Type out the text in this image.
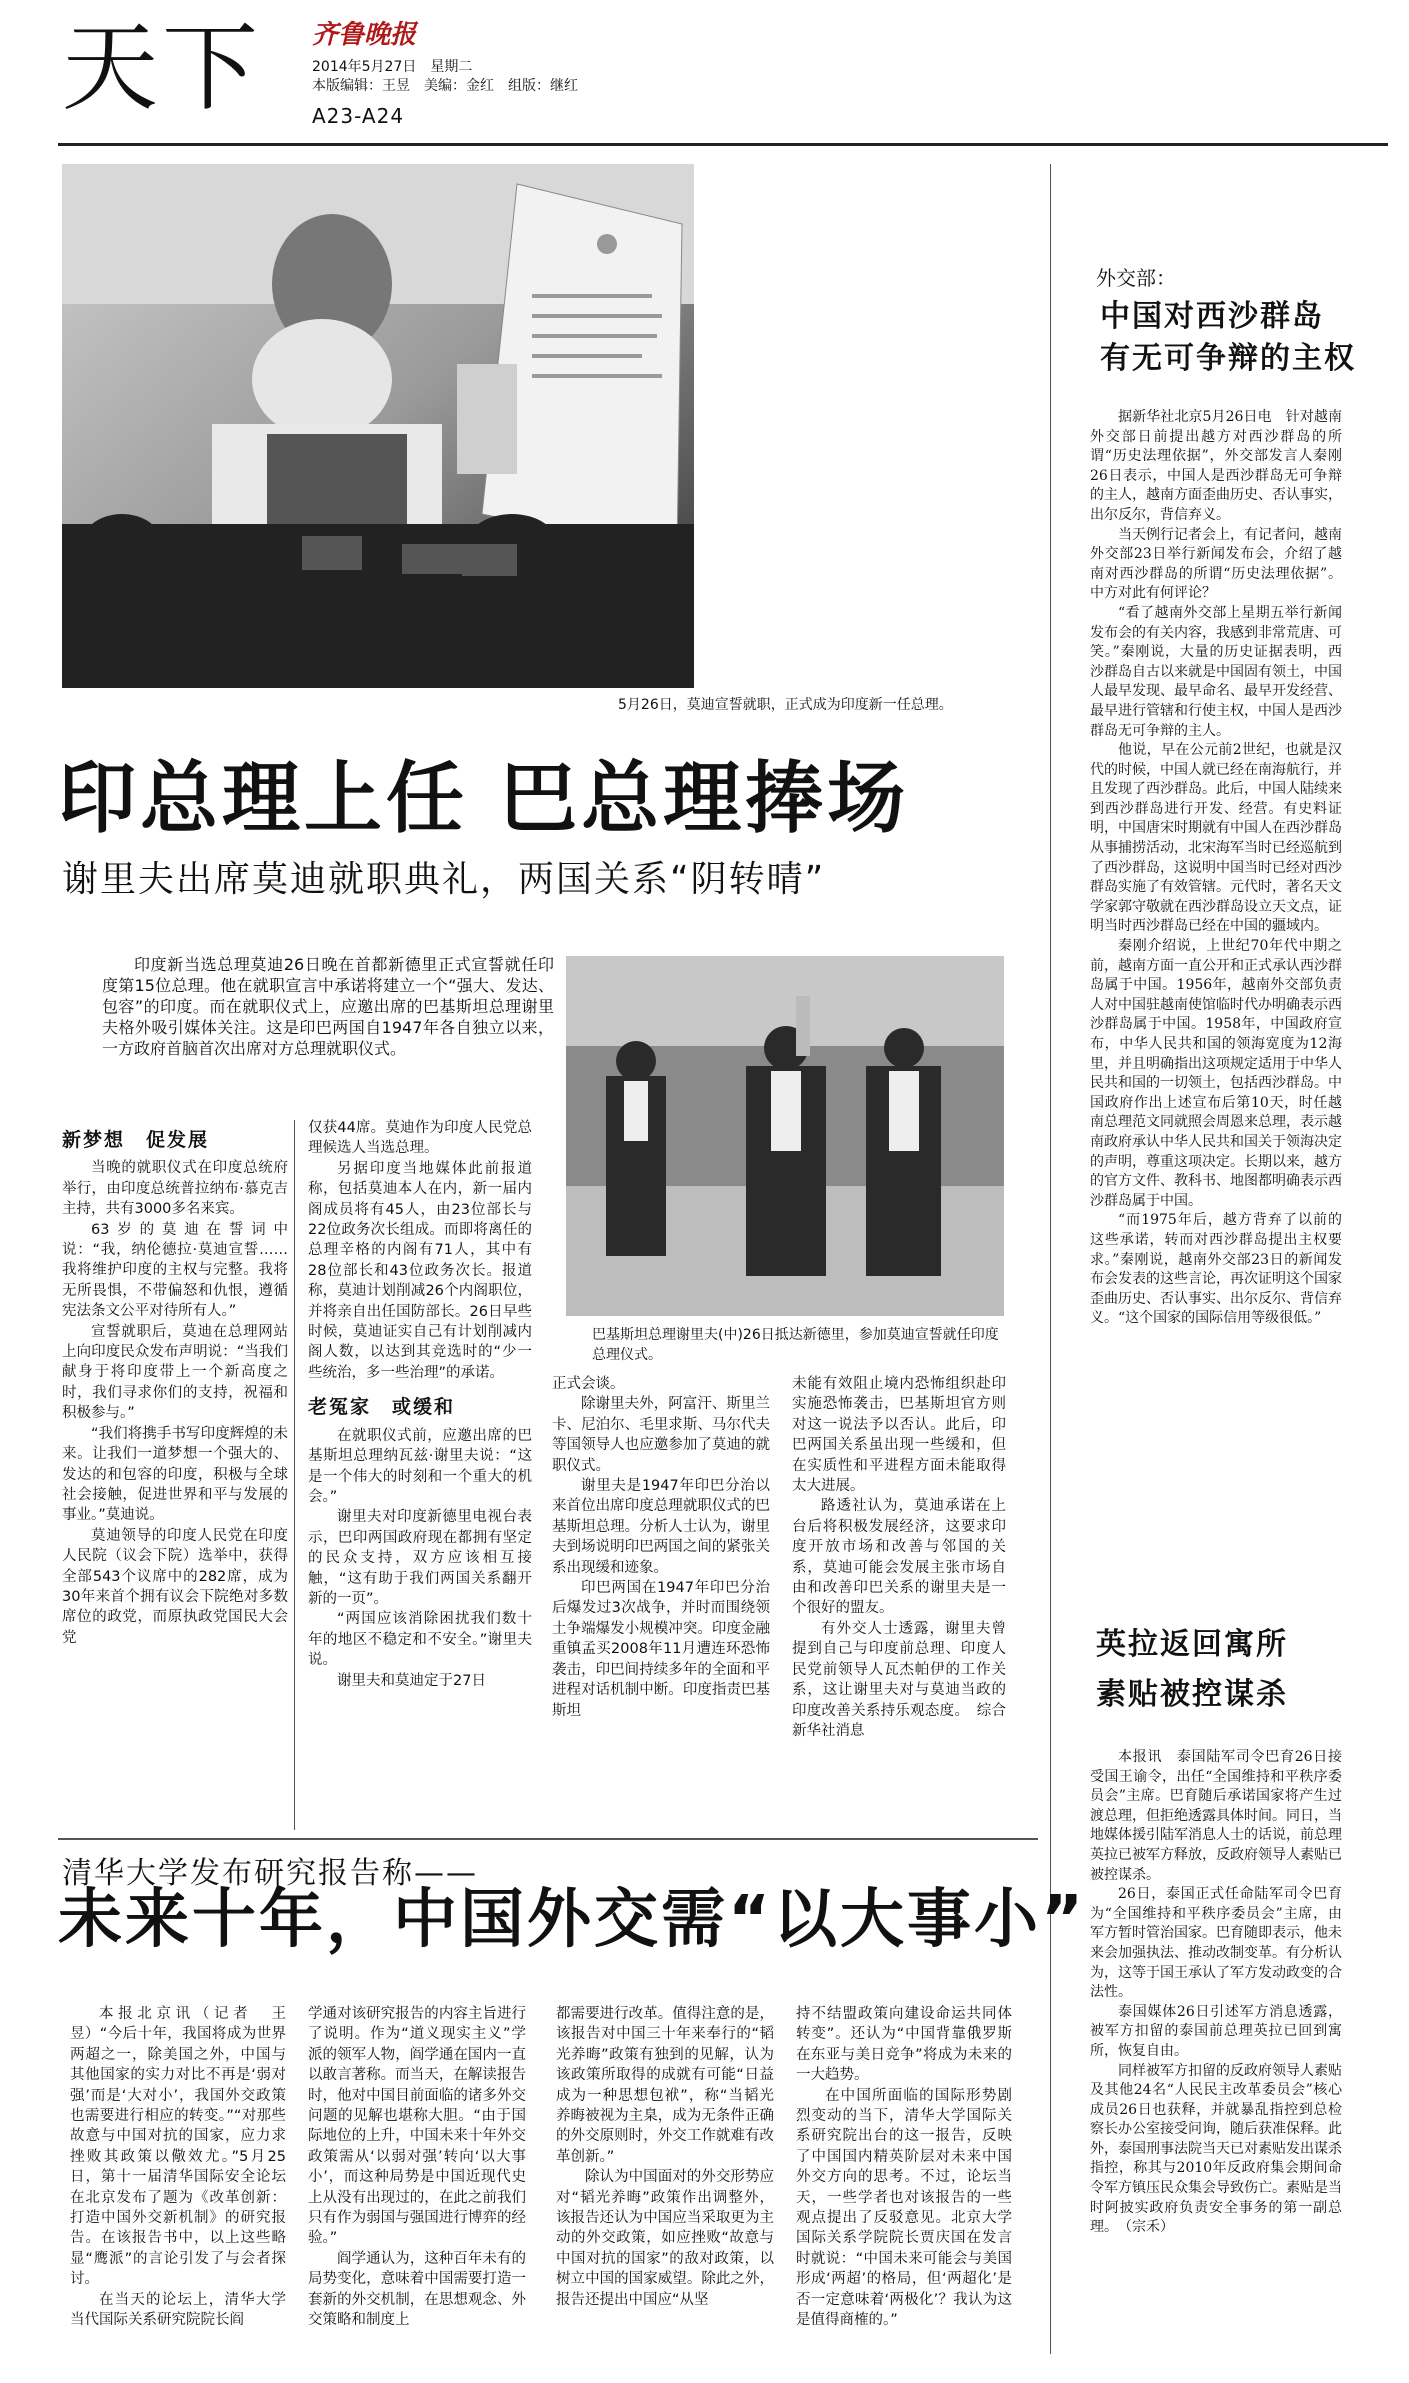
天下 齐鲁晚报
2014年5月27日　星期二
本版编辑：王昱　美编：金红　组版：继红
A23-A24
5月26日，莫迪宣誓就职，正式成为印度新一任总理。
印总理上任 巴总理捧场
谢里夫出席莫迪就职典礼，两国关系“阴转晴”

印度新当选总理莫迪26日晚在首都新德里正式宣誓就任印度第15位总理。他在就职宣言中承诺将建立一个“强大、发达、包容”的印度。而在就职仪式上，应邀出席的巴基斯坦总理谢里夫格外吸引媒体关注。这是印巴两国自1947年各自独立以来，一方政府首脑首次出席对方总理就职仪式。

巴基斯坦总理谢里夫(中)26日抵达新德里，参加莫迪宣誓就任印度总理仪式。
新梦想　促发展

当晚的就职仪式在印度总统府举行，由印度总统普拉纳布·慕克吉主持，共有3000多名来宾。

63岁的莫迪在誓词中说：“我，纳伦德拉·莫迪宣誓……我将维护印度的主权与完整。我将无所畏惧，不带偏怒和仇恨，遵循宪法条文公平对待所有人。”

宣誓就职后，莫迪在总理网站上向印度民众发布声明说：“当我们献身于将印度带上一个新高度之时，我们寻求你们的支持，祝福和积极参与。”

“我们将携手书写印度辉煌的未来。让我们一道梦想一个强大的、发达的和包容的印度，积极与全球社会接触，促进世界和平与发展的事业。”莫迪说。

莫迪领导的印度人民党在印度人民院（议会下院）选举中，获得全部543个议席中的282席，成为30年来首个拥有议会下院绝对多数席位的政党，而原执政党国民大会党

仅获44席。莫迪作为印度人民党总理候选人当选总理。

另据印度当地媒体此前报道称，包括莫迪本人在内，新一届内阁成员将有45人，由23位部长与22位政务次长组成。而即将离任的总理辛格的内阁有71人，其中有28位部长和43位政务次长。报道称，莫迪计划削减26个内阁职位，并将亲自出任国防部长。26日早些时候，莫迪证实自己有计划削减内阁人数，以达到其竞选时的“少一些统治，多一些治理”的承诺。

老冤家　或缓和

在就职仪式前，应邀出席的巴基斯坦总理纳瓦兹·谢里夫说：“这是一个伟大的时刻和一个重大的机会。”

谢里夫对印度新德里电视台表示，巴印两国政府现在都拥有坚定的民众支持，双方应该相互接触，“这有助于我们两国关系翻开新的一页”。

“两国应该消除困扰我们数十年的地区不稳定和不安全。”谢里夫说。

谢里夫和莫迪定于27日

正式会谈。

除谢里夫外，阿富汗、斯里兰卡、尼泊尔、毛里求斯、马尔代夫等国领导人也应邀参加了莫迪的就职仪式。

谢里夫是1947年印巴分治以来首位出席印度总理就职仪式的巴基斯坦总理。分析人士认为，谢里夫到场说明印巴两国之间的紧张关系出现缓和迹象。

印巴两国在1947年印巴分治后爆发过3次战争，并时而围绕领土争端爆发小规模冲突。印度金融重镇孟买2008年11月遭连环恐怖袭击，印巴间持续多年的全面和平进程对话机制中断。印度指责巴基斯坦

未能有效阻止境内恐怖组织赴印实施恐怖袭击，巴基斯坦官方则对这一说法予以否认。此后，印巴两国关系虽出现一些缓和，但在实质性和平进程方面未能取得太大进展。

路透社认为，莫迪承诺在上台后将积极发展经济，这要求印度开放市场和改善与邻国的关系，莫迪可能会发展主张市场自由和改善印巴关系的谢里夫是一个很好的盟友。

有外交人士透露，谢里夫曾提到自己与印度前总理、印度人民党前领导人瓦杰帕伊的工作关系，这让谢里夫对与莫迪当政的印度改善关系持乐观态度。　综合新华社消息

外交部：
中国对西沙群岛
有无可争辩的主权

据新华社北京5月26日电　针对越南外交部日前提出越方对西沙群岛的所谓“历史法理依据”，外交部发言人秦刚26日表示，中国人是西沙群岛无可争辩的主人，越南方面歪曲历史、否认事实，出尔反尔，背信弃义。

当天例行记者会上，有记者问，越南外交部23日举行新闻发布会，介绍了越南对西沙群岛的所谓“历史法理依据”。中方对此有何评论？

“看了越南外交部上星期五举行新闻发布会的有关内容，我感到非常荒唐、可笑。”秦刚说，大量的历史证据表明，西沙群岛自古以来就是中国固有领土，中国人最早发现、最早命名、最早开发经营、最早进行管辖和行使主权，中国人是西沙群岛无可争辩的主人。

他说，早在公元前2世纪，也就是汉代的时候，中国人就已经在南海航行，并且发现了西沙群岛。此后，中国人陆续来到西沙群岛进行开发、经营。有史料证明，中国唐宋时期就有中国人在西沙群岛从事捕捞活动，北宋海军当时已经巡航到了西沙群岛，这说明中国当时已经对西沙群岛实施了有效管辖。元代时，著名天文学家郭守敬就在西沙群岛设立天文点，证明当时西沙群岛已经在中国的疆域内。

秦刚介绍说，上世纪70年代中期之前，越南方面一直公开和正式承认西沙群岛属于中国。1956年，越南外交部负责人对中国驻越南使馆临时代办明确表示西沙群岛属于中国。1958年，中国政府宣布，中华人民共和国的领海宽度为12海里，并且明确指出这项规定适用于中华人民共和国的一切领土，包括西沙群岛。中国政府作出上述宣布后第10天，时任越南总理范文同就照会周恩来总理，表示越南政府承认中华人民共和国关于领海决定的声明，尊重这项决定。长期以来，越方的官方文件、教科书、地图都明确表示西沙群岛属于中国。

“而1975年后，越方背弃了以前的这些承诺，转而对西沙群岛提出主权要求。”秦刚说，越南外交部23日的新闻发布会发表的这些言论，再次证明这个国家歪曲历史、否认事实、出尔反尔、背信弃义。“这个国家的国际信用等级很低。”

英拉返回寓所
素贴被控谋杀

本报讯　泰国陆军司令巴育26日接受国王谕令，出任“全国维持和平秩序委员会”主席。巴育随后承诺国家将产生过渡总理，但拒绝透露具体时间。同日，当地媒体援引陆军消息人士的话说，前总理英拉已被军方释放，反政府领导人素贴已被控谋杀。

26日，泰国正式任命陆军司令巴育为“全国维持和平秩序委员会”主席，由军方暂时管治国家。巴育随即表示，他未来会加强执法、推动改制变革。有分析认为，这等于国王承认了军方发动政变的合法性。

泰国媒体26日引述军方消息透露，被军方扣留的泰国前总理英拉已回到寓所，恢复自由。

同样被军方扣留的反政府领导人素贴及其他24名“人民民主改革委员会”核心成员26日也获释，并就暴乱指控到总检察长办公室接受问询，随后获准保释。此外，泰国刑事法院当天已对素贴发出谋杀指控，称其与2010年反政府集会期间命令军方镇压民众集会导致伤亡。素贴是当时阿披实政府负责安全事务的第一副总理。　（宗禾）

清华大学发布研究报告称——
未来十年，中国外交需“以大事小”

本报北京讯（记者　王昱）“今后十年，我国将成为世界两超之一，除美国之外，中国与其他国家的实力对比不再是‘弱对强’而是‘大对小’，我国外交政策也需要进行相应的转变。”“对那些故意与中国对抗的国家，应力求挫败其政策以儆效尤。”5月25日，第十一届清华国际安全论坛在北京发布了题为《改革创新：打造中国外交新机制》的研究报告。在该报告书中，以上这些略显“鹰派”的言论引发了与会者探讨。

在当天的论坛上，清华大学当代国际关系研究院院长阎

学通对该研究报告的内容主旨进行了说明。作为“道义现实主义”学派的领军人物，阎学通在国内一直以敢言著称。而当天，在解读报告时，他对中国目前面临的诸多外交问题的见解也堪称大胆。“由于国际地位的上升，中国未来十年外交政策需从‘以弱对强’转向‘以大事小’，而这种局势是中国近现代史上从没有出现过的，在此之前我们只有作为弱国与强国进行博弈的经验。”

阎学通认为，这种百年未有的局势变化，意味着中国需要打造一套新的外交机制，在思想观念、外交策略和制度上

都需要进行改革。值得注意的是，该报告对中国三十年来奉行的“韬光养晦”政策有独到的见解，认为该政策所取得的成就有可能“日益成为一种思想包袱”，称“当韬光养晦被视为主臬，成为无条件正确的外交原则时，外交工作就难有改革创新。”

除认为中国面对的外交形势应对“韬光养晦”政策作出调整外，该报告还认为中国应当采取更为主动的外交政策，如应挫败“故意与中国对抗的国家”的敌对政策，以树立中国的国家威望。除此之外，报告还提出中国应“从坚

持不结盟政策向建设命运共同体转变”。还认为“中国背靠俄罗斯在东亚与美日竞争”将成为未来的一大趋势。

在中国所面临的国际形势剧烈变动的当下，清华大学国际关系研究院出台的这一报告，反映了中国国内精英阶层对未来中国外交方向的思考。不过，论坛当天，一些学者也对该报告的一些观点提出了反驳意见。北京大学国际关系学院院长贾庆国在发言时就说：“中国未来可能会与美国形成‘两超’的格局，但‘两超化’是否一定意味着‘两极化’？我认为这是值得商榷的。”
